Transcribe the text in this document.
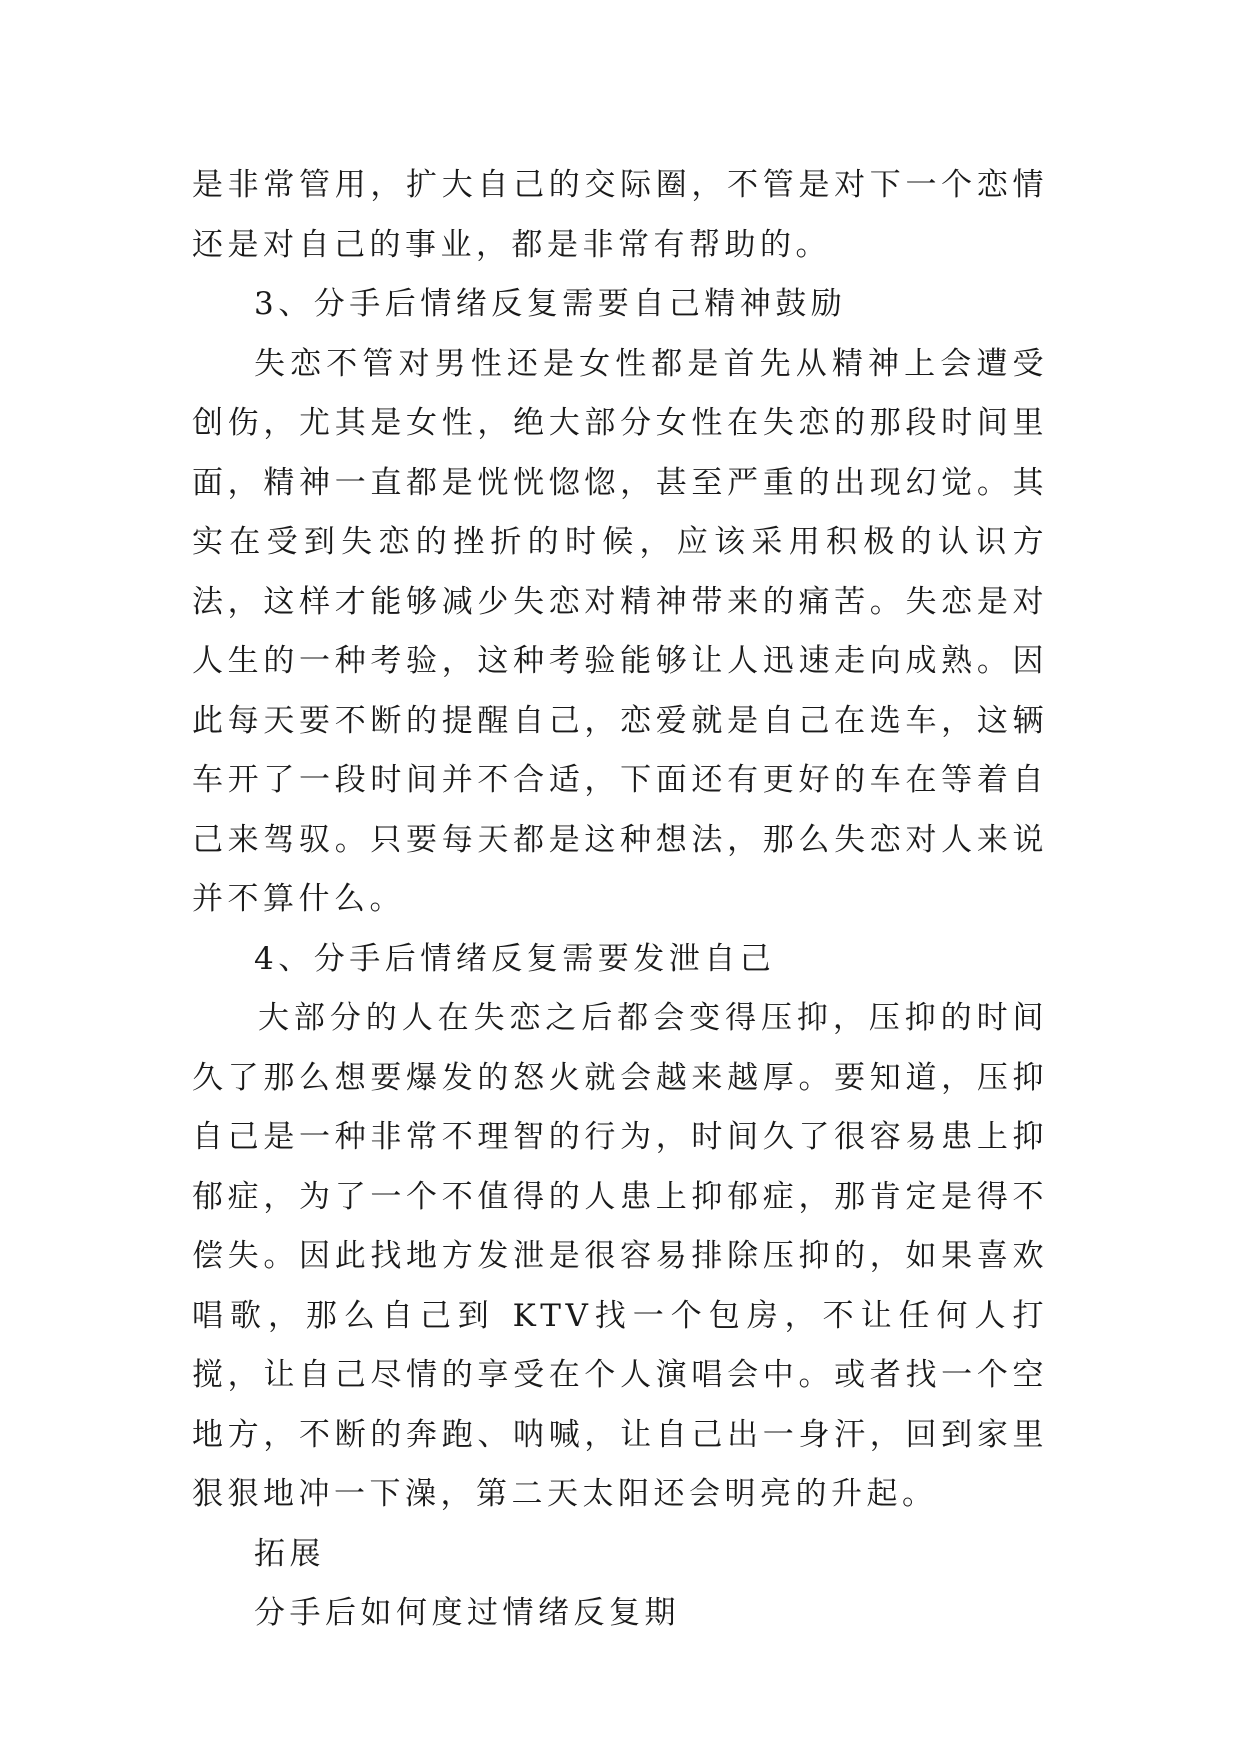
是非常管用，扩大自己的交际圈，不管是对下一个恋情还是对自己的事业，都是非常有帮助的。

3、分手后情绪反复需要自己精神鼓励

失恋不管对男性还是女性都是首先从精神上会遭受创伤，尤其是女性，绝大部分女性在失恋的那段时间里面，精神一直都是恍恍惚惚，甚至严重的出现幻觉。其实在受到失恋的挫折的时候，应该采用积极的认识方法，这样才能够减少失恋对精神带来的痛苦。失恋是对人生的一种考验，这种考验能够让人迅速走向成熟。因此每天要不断的提醒自己，恋爱就是自己在选车，这辆车开了一段时间并不合适，下面还有更好的车在等着自己来驾驭。只要每天都是这种想法，那么失恋对人来说并不算什么。

4、分手后情绪反复需要发泄自己

大部分的人在失恋之后都会变得压抑，压抑的时间久了那么想要爆发的怒火就会越来越厚。要知道，压抑自己是一种非常不理智的行为，时间久了很容易患上抑郁症，为了一个不值得的人患上抑郁症，那肯定是得不偿失。因此找地方发泄是很容易排除压抑的，如果喜欢唱歌，那么自己到 KTV找一个包房，不让任何人打搅，让自己尽情的享受在个人演唱会中。或者找一个空地方，不断的奔跑、呐喊，让自己出一身汗，回到家里狠狠地冲一下澡，第二天太阳还会明亮的升起。

拓展

分手后如何度过情绪反复期
